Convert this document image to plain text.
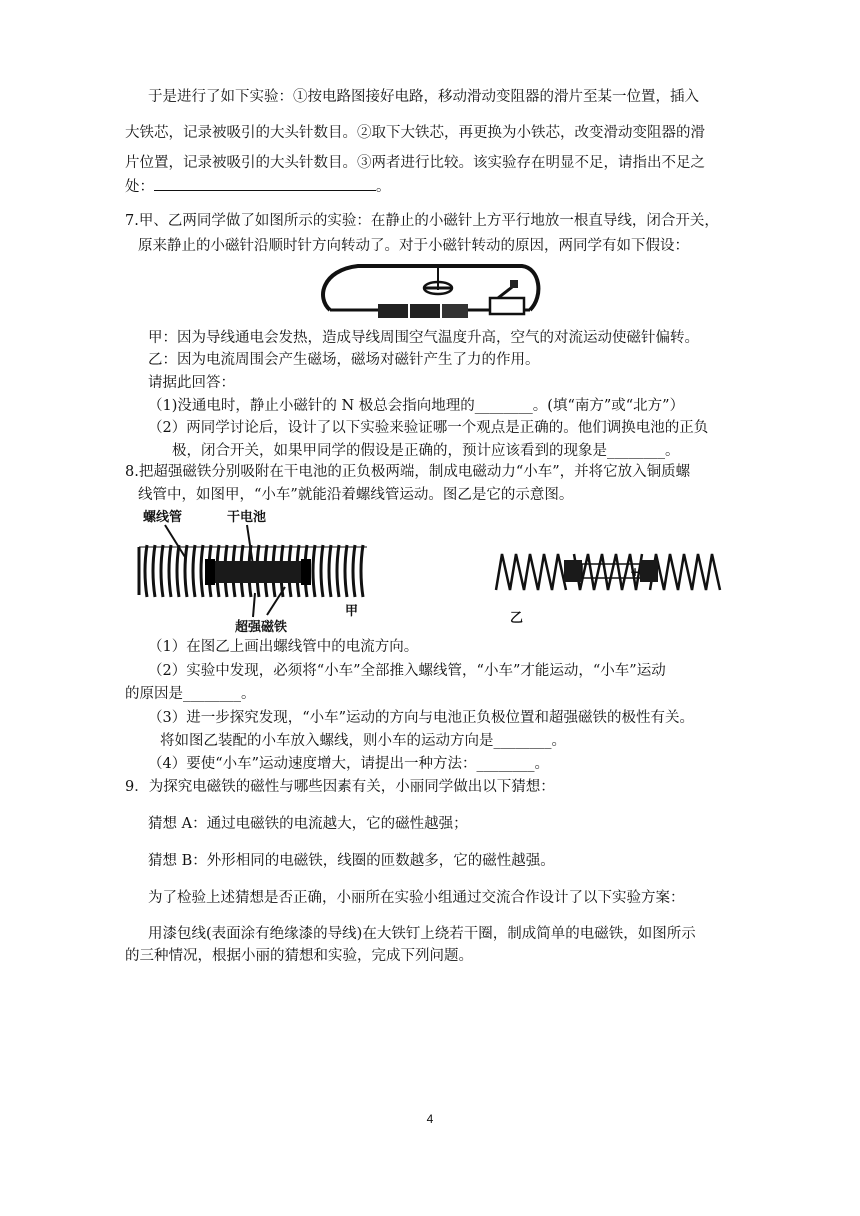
于是进行了如下实验：①按电路图接好电路，移动滑动变阻器的滑片至某一位置，插入
大铁芯，记录被吸引的大头针数目。②取下大铁芯，再更换为小铁芯，改变滑动变阻器的滑
片位置，记录被吸引的大头针数目。③两者进行比较。该实验存在明显不足，请指出不足之
处：	。
7.甲、乙两同学做了如图所示的实验：在静止的小磁针上方平行地放一根直导线，闭合开关，
原来静止的小磁针沿顺时针方向转动了。对于小磁针转动的原因，两同学有如下假设：
甲：因为导线通电会发热，造成导线周围空气温度升高，空气的对流运动使磁针偏转。
乙：因为电流周围会产生磁场，磁场对磁针产生了力的作用。
请据此回答：
（1)没通电时，静止小磁针的 N 极总会指向地理的________。(填“南方”或“北方”）
（2）两同学讨论后，设计了以下实验来验证哪一个观点是正确的。他们调换电池的正负
极，闭合开关，如果甲同学的假设是正确的，预计应该看到的现象是________。
8.把超强磁铁分别吸附在干电池的正负极两端，制成电磁动力“小车”，并将它放入铜质螺
线管中，如图甲，“小车”就能沿着螺线管运动。图乙是它的示意图。
螺线管	干电池
超强磁铁
甲
+
乙
（1）在图乙上画出螺线管中的电流方向。
（2）实验中发现，必须将“小车”全部推入螺线管，“小车”才能运动，“小车”运动
的原因是________。
（3）进一步探究发现，“小车”运动的方向与电池正负极位置和超强磁铁的极性有关。
将如图乙装配的小车放入螺线，则小车的运动方向是________。
（4）要使“小车”运动速度增大，请提出一种方法：________。
9．为探究电磁铁的磁性与哪些因素有关，小丽同学做出以下猜想：
猜想 A：通过电磁铁的电流越大，它的磁性越强；
猜想 B：外形相同的电磁铁，线圈的匝数越多，它的磁性越强。
为了检验上述猜想是否正确，小丽所在实验小组通过交流合作设计了以下实验方案：
用漆包线(表面涂有绝缘漆的导线)在大铁钉上绕若干圈，制成简单的电磁铁，如图所示
的三种情况，根据小丽的猜想和实验，完成下列问题。
4
